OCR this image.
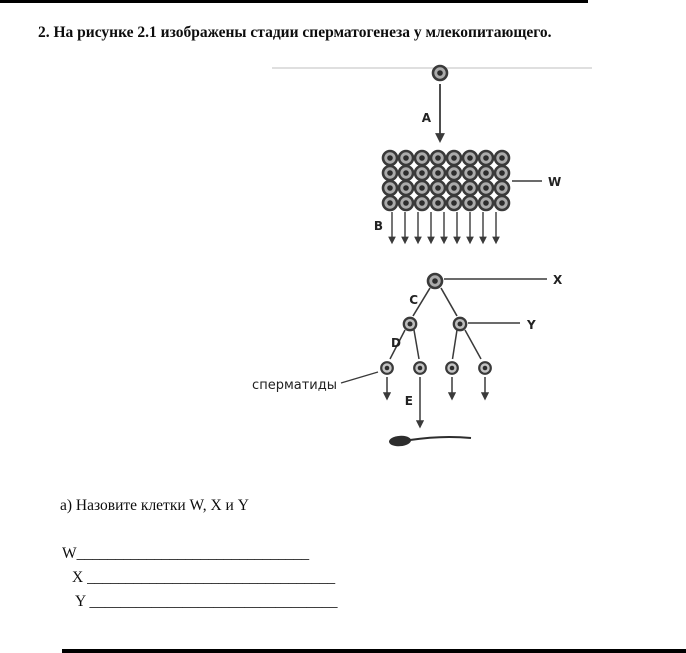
2. На рисунке 2.1 изображены стадии сперматогенеза у млекопитающего.
A
W
B
X
C
Y
D
сперматиды
E
а) Назовите клетки W, X и Y
W______________________________
X ________________________________
Y ________________________________
